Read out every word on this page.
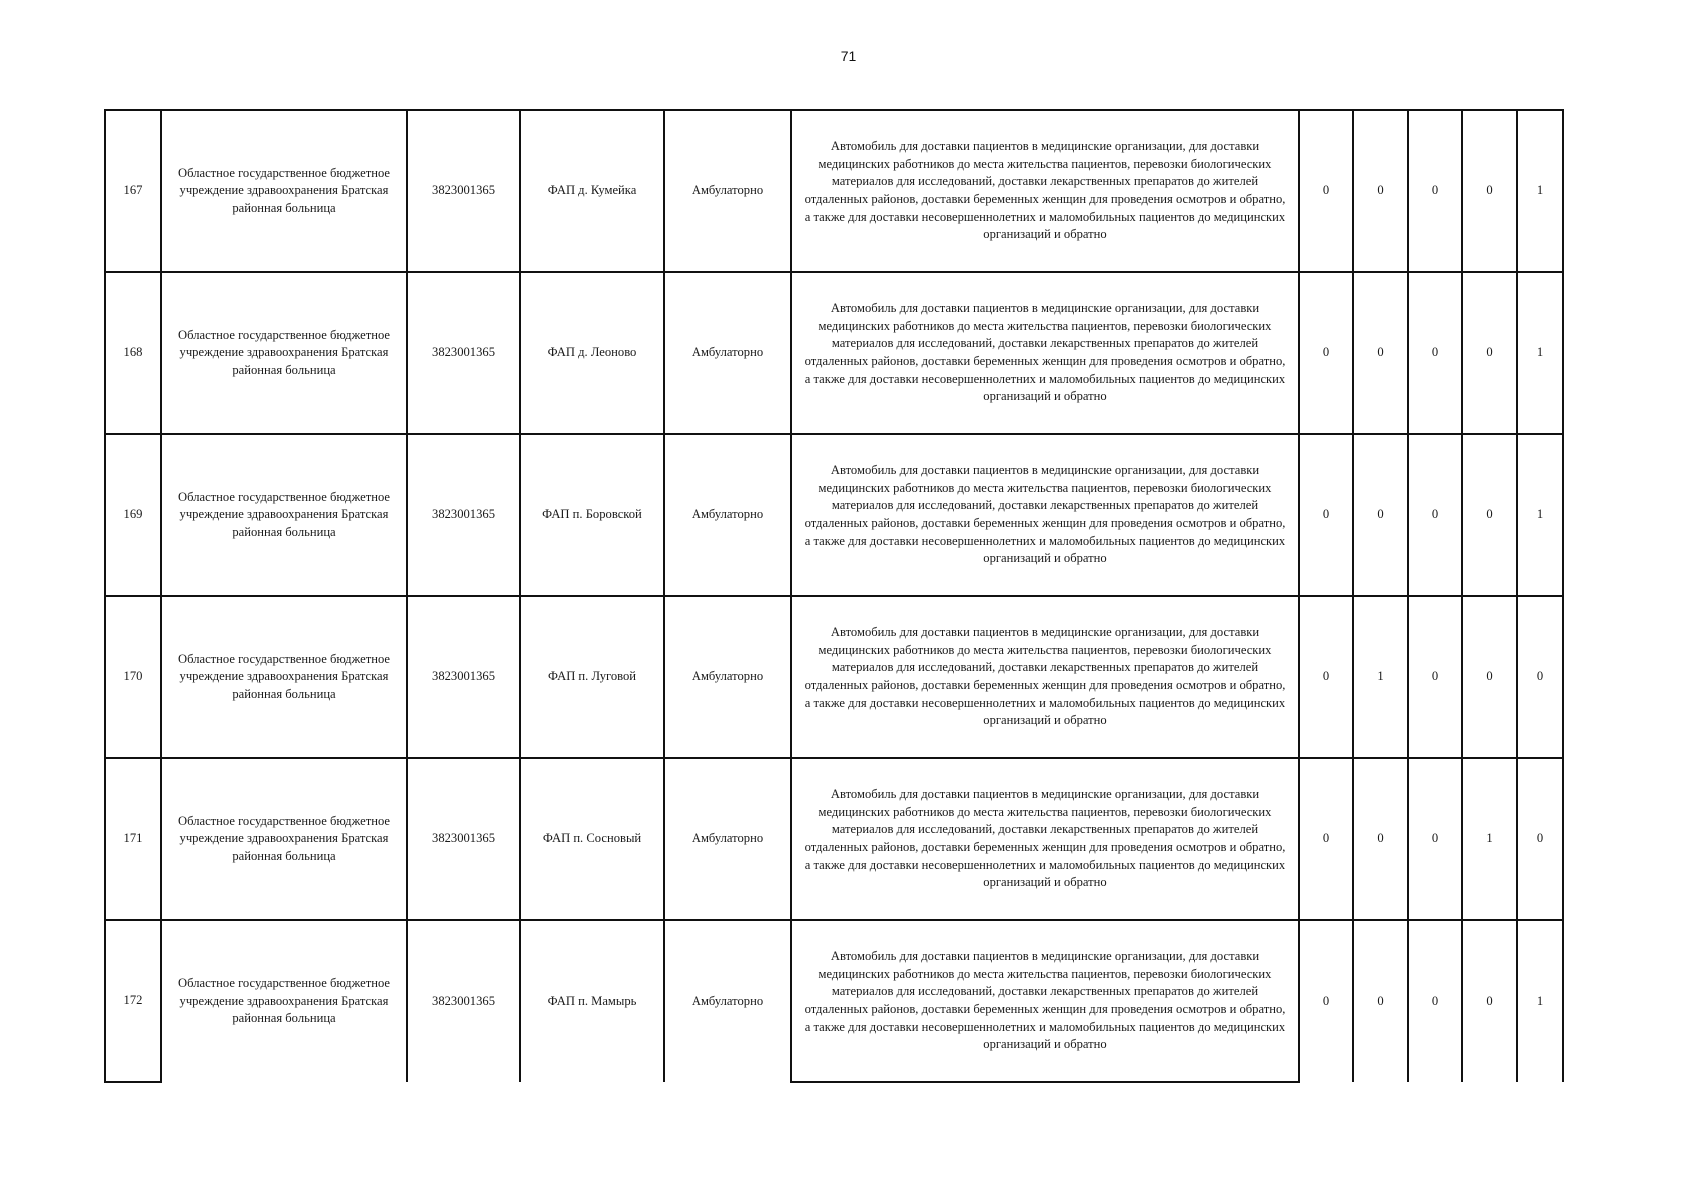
71
167	Областное государственное бюджетное учреждение здравоохранения Братская районная больница	3823001365	ФАП д. Кумейка	Амбулаторно	Автомобиль для доставки пациентов в медицинские организации, для доставки медицинских работников до места жительства пациентов, перевозки биологических материалов для исследований, доставки лекарственных препаратов до жителей отдаленных районов, доставки беременных женщин для проведения осмотров и обратно, а также для доставки несовершеннолетних и маломобильных пациентов до медицинских организаций и обратно	0	0	0	0	1
168	Областное государственное бюджетное учреждение здравоохранения Братская районная больница	3823001365	ФАП д. Леоново	Амбулаторно	Автомобиль для доставки пациентов в медицинские организации, для доставки медицинских работников до места жительства пациентов, перевозки биологических материалов для исследований, доставки лекарственных препаратов до жителей отдаленных районов, доставки беременных женщин для проведения осмотров и обратно, а также для доставки несовершеннолетних и маломобильных пациентов до медицинских организаций и обратно	0	0	0	0	1
169	Областное государственное бюджетное учреждение здравоохранения Братская районная больница	3823001365	ФАП п. Боровской	Амбулаторно	Автомобиль для доставки пациентов в медицинские организации, для доставки медицинских работников до места жительства пациентов, перевозки биологических материалов для исследований, доставки лекарственных препаратов до жителей отдаленных районов, доставки беременных женщин для проведения осмотров и обратно, а также для доставки несовершеннолетних и маломобильных пациентов до медицинских организаций и обратно	0	0	0	0	1
170	Областное государственное бюджетное учреждение здравоохранения Братская районная больница	3823001365	ФАП п. Луговой	Амбулаторно	Автомобиль для доставки пациентов в медицинские организации, для доставки медицинских работников до места жительства пациентов, перевозки биологических материалов для исследований, доставки лекарственных препаратов до жителей отдаленных районов, доставки беременных женщин для проведения осмотров и обратно, а также для доставки несовершеннолетних и маломобильных пациентов до медицинских организаций и обратно	0	1	0	0	0
171	Областное государственное бюджетное учреждение здравоохранения Братская районная больница	3823001365	ФАП п. Сосновый	Амбулаторно	Автомобиль для доставки пациентов в медицинские организации, для доставки медицинских работников до места жительства пациентов, перевозки биологических материалов для исследований, доставки лекарственных препаратов до жителей отдаленных районов, доставки беременных женщин для проведения осмотров и обратно, а также для доставки несовершеннолетних и маломобильных пациентов до медицинских организаций и обратно	0	0	0	1	0
172	Областное государственное бюджетное учреждение здравоохранения Братская районная больница	3823001365	ФАП п. Мамырь	Амбулаторно	Автомобиль для доставки пациентов в медицинские организации, для доставки медицинских работников до места жительства пациентов, перевозки биологических материалов для исследований, доставки лекарственных препаратов до жителей отдаленных районов, доставки беременных женщин для проведения осмотров и обратно, а также для доставки несовершеннолетних и маломобильных пациентов до медицинских организаций и обратно	0	0	0	0	1
